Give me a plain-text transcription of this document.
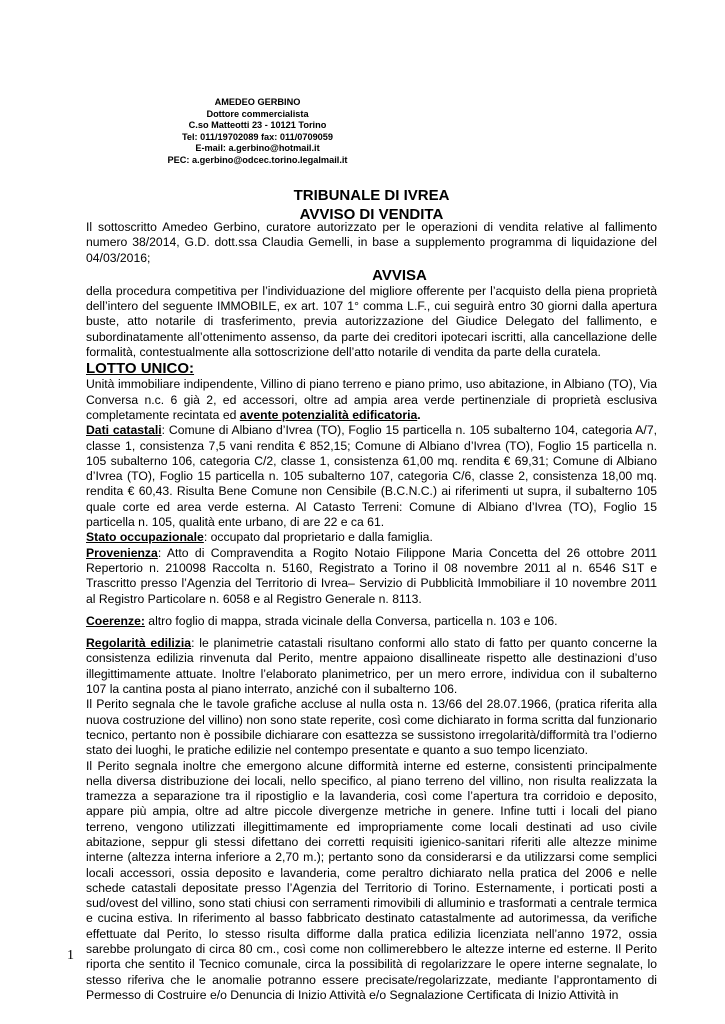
AMEDEO GERBINO
Dottore commercialista
C.so Matteotti 23 - 10121 Torino
Tel: 011/19702089 fax: 011/0709059
E-mail: a.gerbino@hotmail.it
PEC: a.gerbino@odcec.torino.legalmail.it
TRIBUNALE DI IVREA
AVVISO DI VENDITA

Il sottoscritto Amedeo Gerbino, curatore autorizzato per le operazioni di vendita relative al fallimento numero 38/2014, G.D. dott.ssa Claudia Gemelli, in base a supplemento programma di liquidazione del 04/03/2016;

AVVISA

della procedura competitiva per l’individuazione del migliore offerente per l’acquisto della piena proprietà dell’intero del seguente IMMOBILE, ex art. 107 1° comma L.F., cui seguirà entro 30 giorni dalla apertura buste, atto notarile di trasferimento, previa autorizzazione del Giudice Delegato del fallimento, e subordinatamente all’ottenimento assenso, da parte dei creditori ipotecari iscritti, alla cancellazione delle formalità, contestualmente alla sottoscrizione dell’atto notarile di vendita da parte della curatela.

LOTTO UNICO:

Unità immobiliare indipendente, Villino di piano terreno e piano primo, uso abitazione, in Albiano (TO), Via Conversa n.c. 6 già 2, ed accessori, oltre ad ampia area verde pertinenziale di proprietà esclusiva completamente recintata ed avente potenzialità edificatoria.

Dati catastali: Comune di Albiano d’Ivrea (TO), Foglio 15 particella n. 105 subalterno 104, categoria A/7, classe 1, consistenza 7,5 vani rendita € 852,15; Comune di Albiano d’Ivrea (TO), Foglio 15 particella n. 105 subalterno 106, categoria C/2, classe 1, consistenza 61,00 mq. rendita € 69,31; Comune di Albiano d’Ivrea (TO), Foglio 15 particella n. 105 subalterno 107, categoria C/6, classe 2, consistenza 18,00 mq. rendita € 60,43. Risulta Bene Comune non Censibile (B.C.N.C.) ai riferimenti ut supra, il subalterno 105 quale corte ed area verde esterna. Al Catasto Terreni: Comune di Albiano d’Ivrea (TO), Foglio 15 particella n. 105, qualità ente urbano, di are 22 e ca 61.

Stato occupazionale: occupato dal proprietario e dalla famiglia.

Provenienza: Atto di Compravendita a Rogito Notaio Filippone Maria Concetta del 26 ottobre 2011 Repertorio n. 210098 Raccolta n. 5160, Registrato a Torino il 08 novembre 2011 al n. 6546 S1T e Trascritto presso l’Agenzia del Territorio di Ivrea– Servizio di Pubblicità Immobiliare il 10 novembre 2011 al Registro Particolare n. 6058 e al Registro Generale n. 8113.

Coerenze: altro foglio di mappa, strada vicinale della Conversa, particella n. 103 e 106.

Regolarità edilizia: le planimetrie catastali risultano conformi allo stato di fatto per quanto concerne la consistenza edilizia rinvenuta dal Perito, mentre appaiono disallineate rispetto alle destinazioni d’uso illegittimamente attuate. Inoltre l’elaborato planimetrico, per un mero errore, individua con il subalterno 107 la cantina posta al piano interrato, anziché con il subalterno 106.

Il Perito segnala che le tavole grafiche accluse al nulla osta n. 13/66 del 28.07.1966, (pratica riferita alla nuova costruzione del villino) non sono state reperite, così come dichiarato in forma scritta dal funzionario tecnico, pertanto non è possibile dichiarare con esattezza se sussistono irregolarità/difformità tra l’odierno stato dei luoghi, le pratiche edilizie nel contempo presentate e quanto a suo tempo licenziato.

Il Perito segnala inoltre che emergono alcune difformità interne ed esterne, consistenti principalmente nella diversa distribuzione dei locali, nello specifico, al piano terreno del villino, non risulta realizzata la tramezza a separazione tra il ripostiglio e la lavanderia, così come l’apertura tra corridoio e deposito, appare più ampia, oltre ad altre piccole divergenze metriche in genere. Infine tutti i locali del piano terreno, vengono utilizzati illegittimamente ed impropriamente come locali destinati ad uso civile abitazione, seppur gli stessi difettano dei corretti requisiti igienico-sanitari riferiti alle altezze minime interne (altezza interna inferiore a 2,70 m.); pertanto sono da considerarsi e da utilizzarsi come semplici locali accessori, ossia deposito e lavanderia, come peraltro dichiarato nella pratica del 2006 e nelle schede catastali depositate presso l’Agenzia del Territorio di Torino. Esternamente, i porticati posti a sud/ovest del villino, sono stati chiusi con serramenti rimovibili di alluminio e trasformati a centrale termica e cucina estiva. In riferimento al basso fabbricato destinato catastalmente ad autorimessa, da verifiche effettuate dal Perito, lo stesso risulta difforme dalla pratica edilizia licenziata nell’anno 1972, ossia sarebbe prolungato di circa 80 cm., così come non collimerebbero le altezze interne ed esterne. Il Perito riporta che sentito il Tecnico comunale, circa la possibilità di regolarizzare le opere interne segnalate, lo stesso riferiva che le anomalie potranno essere precisate/regolarizzate, mediante l’approntamento di Permesso di Costruire e/o Denuncia di Inizio Attività e/o Segnalazione Certificata di Inizio Attività in

1
